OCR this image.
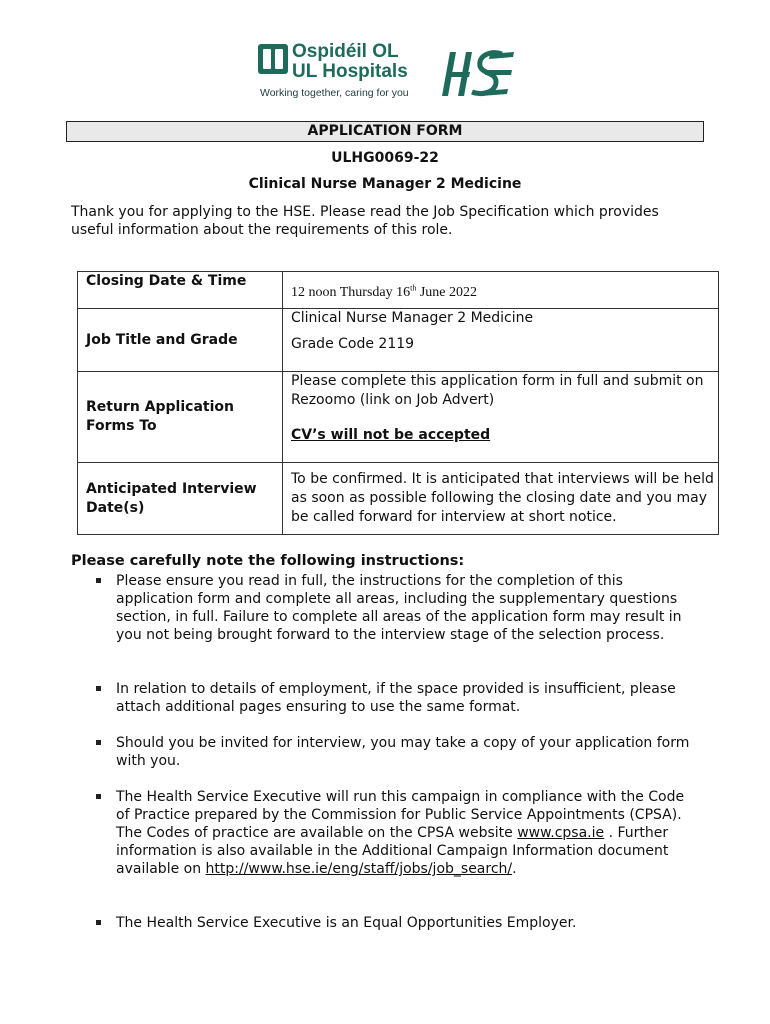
Ospidéil OL
UL Hospitals
Working together, caring for you
APPLICATION FORM
ULHG0069-22
Clinical Nurse Manager 2 Medicine
Thank you for applying to the HSE. Please read the Job Specification which provides useful information about the requirements of this role.
Closing Date & Time	12 noon Thursday 16th June 2022
Job Title and Grade	Clinical Nurse Manager 2 Medicine
Grade Code 2119

Return Application Forms To	Please complete this application form in full and submit on Rezoomo (link on Job Advert)
CV’s will not be accepted

Anticipated Interview Date(s)	To be confirmed. It is anticipated that interviews will be held as soon as possible following the closing date and you may be called forward for interview at short notice.
Please carefully note the following instructions:
Please ensure you read in full, the instructions for the completion of this application form and complete all areas, including the supplementary questions section, in full. Failure to complete all areas of the application form may result in you not being brought forward to the interview stage of the selection process.
In relation to details of employment, if the space provided is insufficient, please attach additional pages ensuring to use the same format.
Should you be invited for interview, you may take a copy of your application form with you.
The Health Service Executive will run this campaign in compliance with the Code of Practice prepared by the Commission for Public Service Appointments (CPSA). The Codes of practice are available on the CPSA website www.cpsa.ie . Further information is also available in the Additional Campaign Information document available on http://www.hse.ie/eng/staff/jobs/job_search/.
The Health Service Executive is an Equal Opportunities Employer.
